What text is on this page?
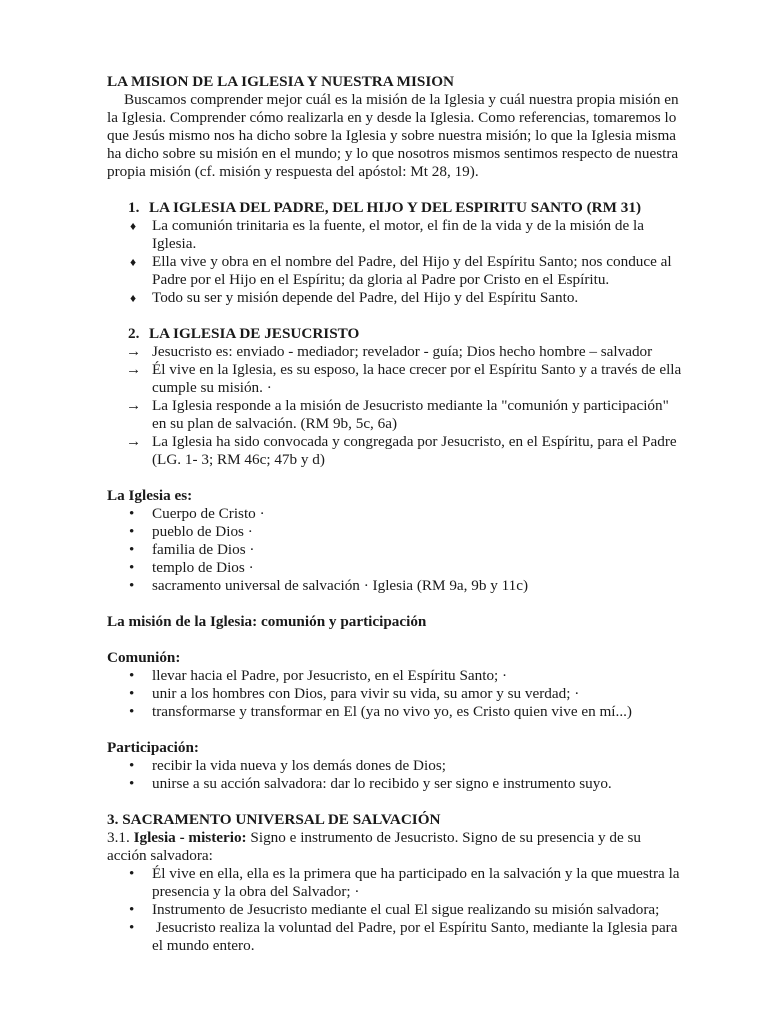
LA MISION DE LA IGLESIA Y NUESTRA MISION
Buscamos comprender mejor cuál es la misión de la Iglesia y cuál nuestra propia misión en la Iglesia. Comprender cómo realizarla en y desde la Iglesia. Como referencias, tomaremos lo que Jesús mismo nos ha dicho sobre la Iglesia y sobre nuestra misión; lo que la Iglesia misma ha dicho sobre su misión en el mundo; y lo que nosotros mismos sentimos respecto de nuestra propia misión (cf. misión y respuesta del apóstol: Mt 28, 19).
1. LA IGLESIA DEL PADRE, DEL HIJO Y DEL ESPIRITU SANTO (RM 31)
♦	La comunión trinitaria es la fuente, el motor, el fin de la vida y de la misión de la Iglesia.
♦	Ella vive y obra en el nombre del Padre, del Hijo y del Espíritu Santo; nos conduce al Padre por el Hijo en el Espíritu; da gloria al Padre por Cristo en el Espíritu.
♦	Todo su ser y misión depende del Padre, del Hijo y del Espíritu Santo.
2. LA IGLESIA DE JESUCRISTO
→ Jesucristo es: enviado - mediador; revelador - guía; Dios hecho hombre – salvador
→ Él vive en la Iglesia, es su esposo, la hace crecer por el Espíritu Santo y a través de ella cumple su misión. ·
→ La Iglesia responde a la misión de Jesucristo mediante la "comunión y participación" en su plan de salvación. (RM 9b, 5c, 6a)
→ La Iglesia ha sido convocada y congregada por Jesucristo, en el Espíritu, para el Padre (LG. 1- 3; RM 46c; 47b y d)
La Iglesia es:
•	Cuerpo de Cristo ·
•	pueblo de Dios ·
•	familia de Dios ·
•	templo de Dios ·
•	sacramento universal de salvación · Iglesia (RM 9a, 9b y 11c)
La misión de la Iglesia: comunión y participación
Comunión:
•	llevar hacia el Padre, por Jesucristo, en el Espíritu Santo; ·
•	unir a los hombres con Dios, para vivir su vida, su amor y su verdad; ·
•	transformarse y transformar en El (ya no vivo yo, es Cristo quien vive en mí...)
Participación:
•	recibir la vida nueva y los demás dones de Dios;
•	unirse a su acción salvadora: dar lo recibido y ser signo e instrumento suyo.
3. SACRAMENTO UNIVERSAL DE SALVACIÓN
3.1. Iglesia - misterio: Signo e instrumento de Jesucristo. Signo de su presencia y de su acción salvadora:
•	Él vive en ella, ella es la primera que ha participado en la salvación y la que muestra la presencia y la obra del Salvador; ·
•	Instrumento de Jesucristo mediante el cual El sigue realizando su misión salvadora;
•	Jesucristo realiza la voluntad del Padre, por el Espíritu Santo, mediante la Iglesia para el mundo entero.
